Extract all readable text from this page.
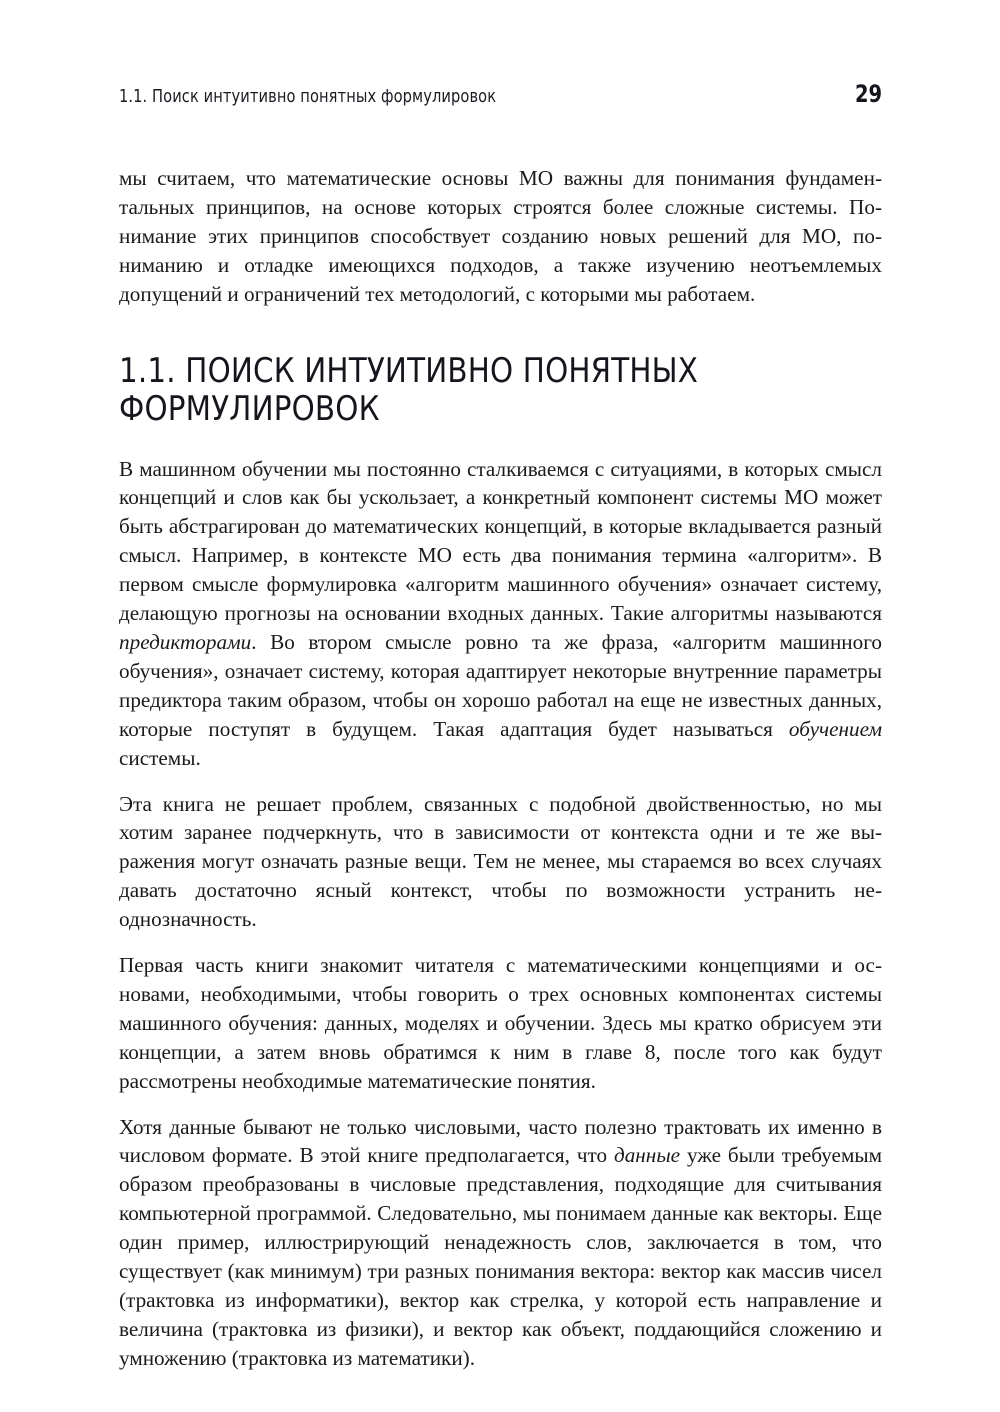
1.1. Поиск интуитивно понятных формулировок	29

мы считаем, что математические основы МО важны для понимания фундаментальных принципов, на основе которых строятся более сложные системы. Понимание этих принципов способствует созданию новых решений для МО, пониманию и отладке имеющихся подходов, а также изучению неотъемлемых допущений и ограничений тех методологий, с которыми мы работаем.

1.1. ПОИСК ИНТУИТИВНО ПОНЯТНЫХ
ФОРМУЛИРОВОК

В машинном обучении мы постоянно сталкиваемся с ситуациями, в которых смысл концепций и слов как бы ускользает, а конкретный компонент системы МО может быть абстрагирован до математических концепций, в которые вкладывается разный смысл. Например, в контексте МО есть два понимания термина «алгоритм». В первом смысле формулировка «алгоритм машинного обучения» означает систему, делающую прогнозы на основании входных данных. Такие алгоритмы называются предикторами. Во втором смысле ровно та же фраза, «алгоритм машинного обучения», означает систему, которая адаптирует некоторые внутренние параметры предиктора таким образом, чтобы он хорошо работал на еще не известных данных, которые поступят в будущем. Такая адаптация будет называться обучением системы.

Эта книга не решает проблем, связанных с подобной двойственностью, но мы хотим заранее подчеркнуть, что в зависимости от контекста одни и те же выражения могут означать разные вещи. Тем не менее, мы стараемся во всех случаях давать достаточно ясный контекст, чтобы по возможности устранить неоднозначность.

Первая часть книги знакомит читателя с математическими концепциями и основами, необходимыми, чтобы говорить о трех основных компонентах системы машинного обучения: данных, моделях и обучении. Здесь мы кратко обрисуем эти концепции, а затем вновь обратимся к ним в главе 8, после того как будут рассмотрены необходимые математические понятия.

Хотя данные бывают не только числовыми, часто полезно трактовать их именно в числовом формате. В этой книге предполагается, что данные уже были требуемым образом преобразованы в числовые представления, подходящие для считывания компьютерной программой. Следовательно, мы понимаем данные как векторы. Еще один пример, иллюстрирующий ненадежность слов, заключается в том, что существует (как минимум) три разных понимания вектора: вектор как массив чисел (трактовка из информатики), вектор как стрелка, у которой есть направление и величина (трактовка из физики), и вектор как объект, поддающийся сложению и умножению (трактовка из математики).
